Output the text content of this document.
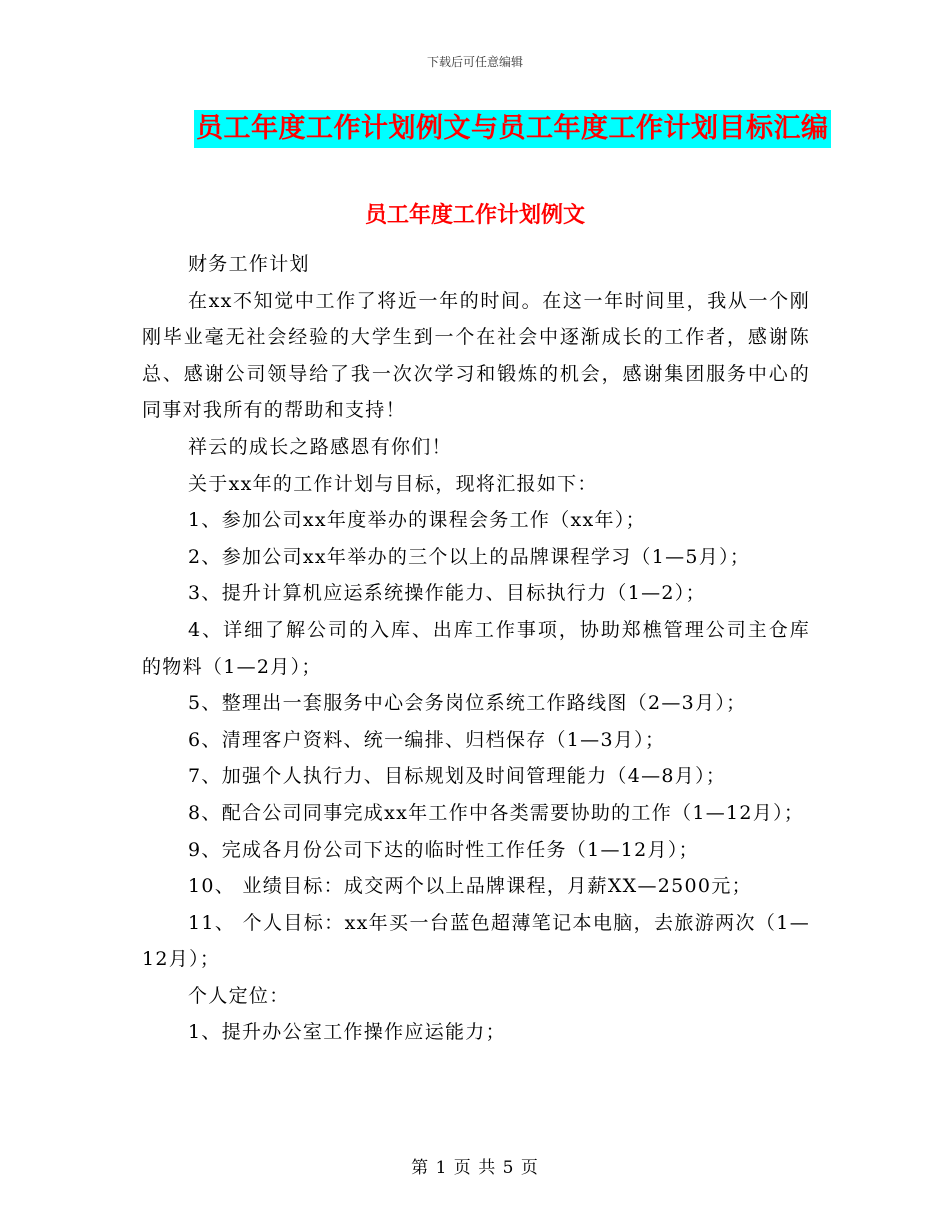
下载后可任意编辑
员工年度工作计划例文与员工年度工作计划目标汇编
员工年度工作计划例文

财务工作计划

在xx不知觉中工作了将近一年的时间。在这一年时间里，我从一个刚刚毕业毫无社会经验的大学生到一个在社会中逐渐成长的工作者，感谢陈总、感谢公司领导给了我一次次学习和锻炼的机会，感谢集团服务中心的同事对我所有的帮助和支持！

祥云的成长之路感恩有你们！

关于xx年的工作计划与目标，现将汇报如下：

1、参加公司xx年度举办的课程会务工作（xx年）；

2、参加公司xx年举办的三个以上的品牌课程学习（1—5月）；

3、提升计算机应运系统操作能力、目标执行力（1—2）；

4、详细了解公司的入库、出库工作事项，协助郑樵管理公司主仓库的物料（1—2月）；

5、整理出一套服务中心会务岗位系统工作路线图（2—3月）；

6、清理客户资料、统一编排、归档保存（1—3月）；

7、加强个人执行力、目标规划及时间管理能力（4—8月）；

8、配合公司同事完成xx年工作中各类需要协助的工作（1—12月）；

9、完成各月份公司下达的临时性工作任务（1—12月）；

10、 业绩目标：成交两个以上品牌课程，月薪XX—2500元；

11、 个人目标：xx年买一台蓝色超薄笔记本电脑，去旅游两次（1—12月）；

个人定位：

1、提升办公室工作操作应运能力；

第 1 页 共 5 页
